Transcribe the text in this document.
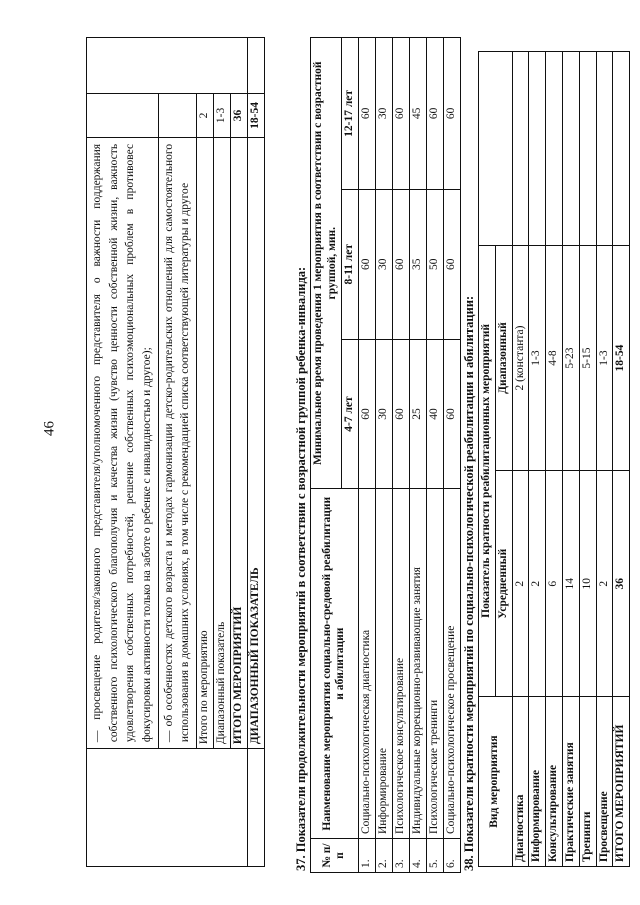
46
		— просвещение родителя/законного представителя/уполномоченного представителя о важности поддержания собственного психологического благополучия и качества жизни (чувство ценности собственной жизни, важность удовлетворения собственных потребностей, решение собственных психоэмоциональных проблем в противовес фокусировки активности только на заботе о ребенке с инвалидностью и другое);		
	— об особенностях детского возраста и методах гармонизации детско-родительских отношений для самостоятельного использования в домашних условиях, в том числе с рекомендацией списка соответствующей литературы и другое		
	Итого по мероприятию	2	
	Диапазонный показатель	1-3	
	ИТОГО МЕРОПРИЯТИЙ	36	
	ДИАПАЗОННЫЙ ПОКАЗАТЕЛЬ	18-54	
37. Показатели продолжительности мероприятий в соответствии с возрастной группой ребенка-инвалида: № п/п	Наименование мероприятия социально-средовой реабилитации и абилитации	Минимальное время проведения 1 мероприятия в соответствии с возрастной группой, мин.		
		4-7 лет	8-11 лет	12-17 лет
1.	Социально-психологическая диагностика	60	60	60
2.	Информирование	30	30	30
3.	Психологическое консультирование	60	60	60
4.	Индивидуальные коррекционно-развивающие занятия	25	35	45
5.	Психологические тренинги	40	50	60
6.	Социально-психологическое просвещение	60	60	60
38. Показатели кратности мероприятий по социально-психологической реабилитации и абилитации: Вид мероприятия	Показатель кратности реабилитационных мероприятий		
	Усредненный	Диапазонный	
Диагностика	2	2 (константа)	
Информирование	2	1-3	
Консультирование	6	4-8	
Практические занятия	14	5-23	
Тренинги	10	5-15	
Просвещение	2	1-3	
ИТОГО МЕРОПРИЯТИЙ	36	18-54	
